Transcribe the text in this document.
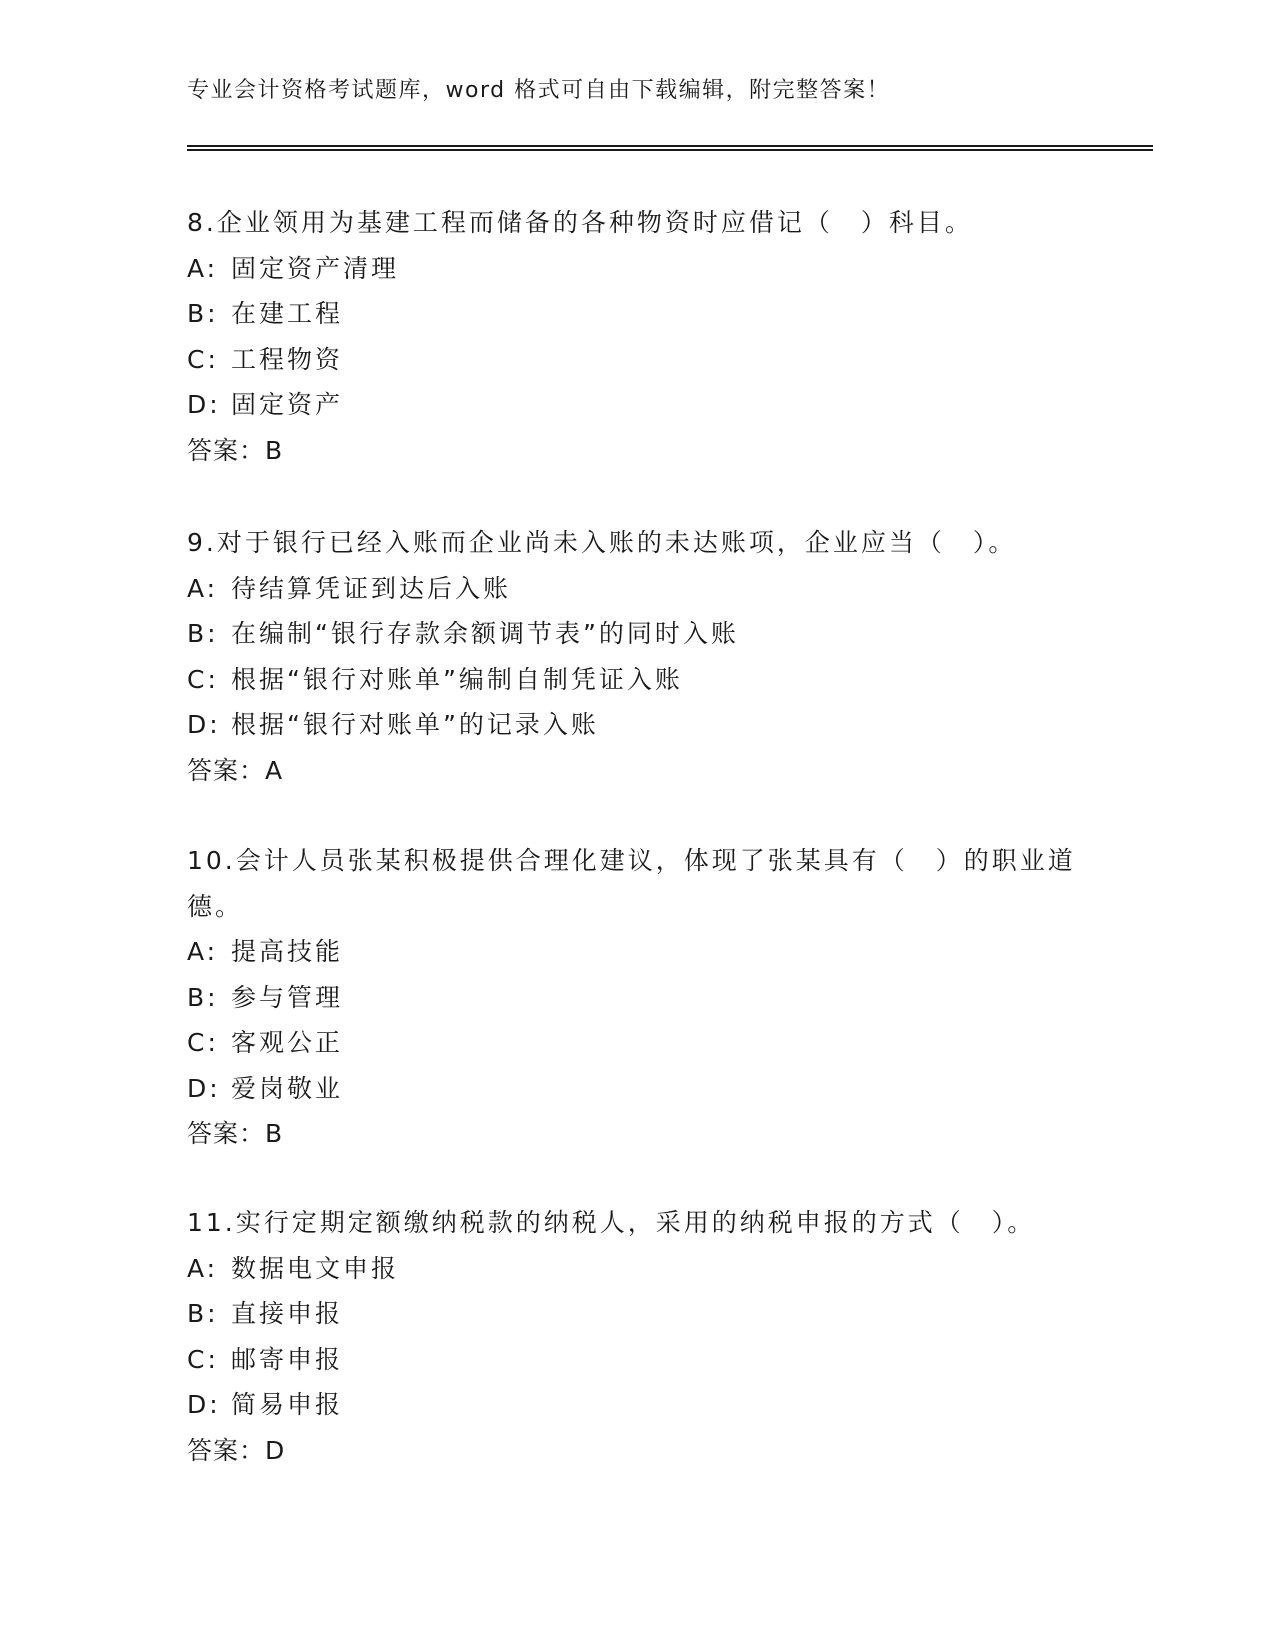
专业会计资格考试题库，word 格式可自由下载编辑，附完整答案！

8.企业领用为基建工程而储备的各种物资时应借记（　）科目。

A: 固定资产清理

B: 在建工程

C: 工程物资

D: 固定资产

答案：B

9.对于银行已经入账而企业尚未入账的未达账项，企业应当（　）。

A: 待结算凭证到达后入账

B: 在编制“银行存款余额调节表”的同时入账

C: 根据“银行对账单”编制自制凭证入账

D: 根据“银行对账单”的记录入账

答案：A

10.会计人员张某积极提供合理化建议，体现了张某具有（　）的职业道德。

A: 提高技能

B: 参与管理

C: 客观公正

D: 爱岗敬业

答案：B

11.实行定期定额缴纳税款的纳税人，采用的纳税申报的方式（　）。

A: 数据电文申报

B: 直接申报

C: 邮寄申报

D: 简易申报

答案：D
